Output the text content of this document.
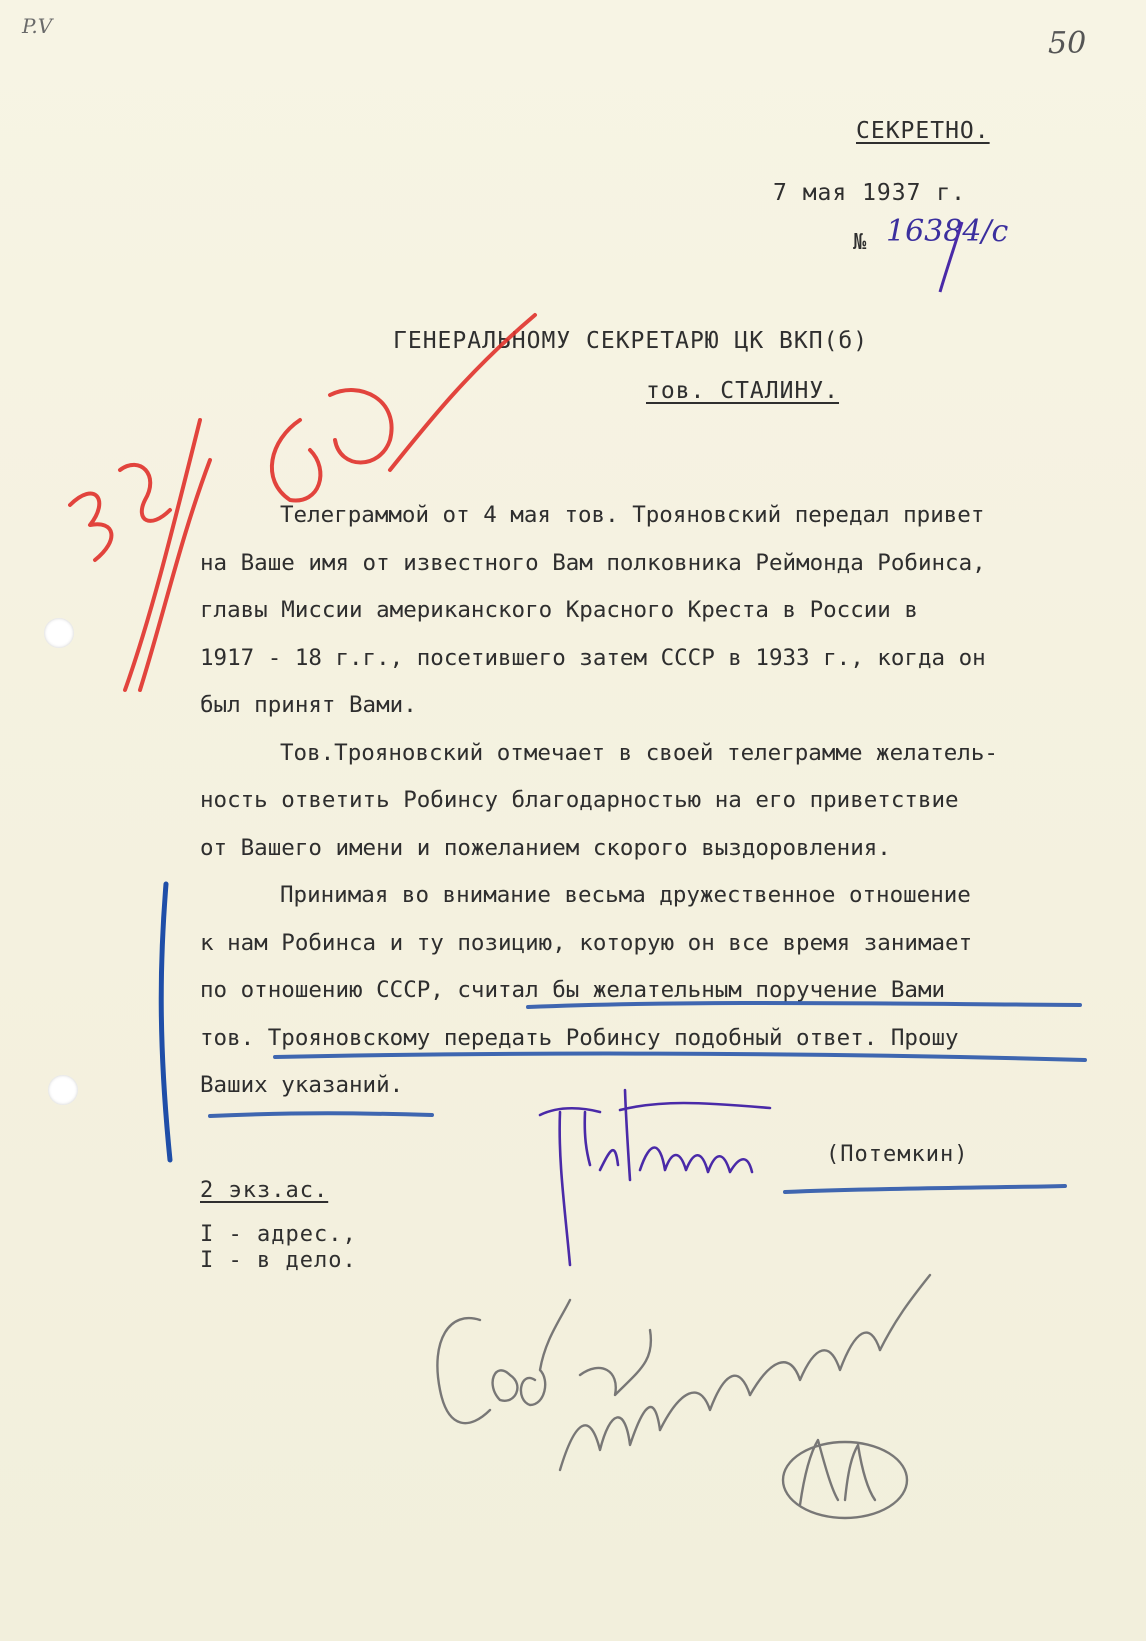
P.V	50
СЕКРЕТНО.
7 мая 1937 г.
№ 16384/с
ГЕНЕРАЛЬНОМУ СЕКРЕТАРЮ ЦК ВКП(б)
тов. СТАЛИНУ.
Телеграммой от 4 мая тов. Трояновский передал привет
на Ваше имя от известного Вам полковника Реймонда Робинса,
главы Миссии американского Красного Креста в России в
1917 - 18 г.г., посетившего затем СССР в 1933 г., когда он
был принят Вами.
Тов.Трояновский отмечает в своей телеграмме желатель-
ность ответить Робинсу благодарностью на его приветствие
от Вашего имени и пожеланием скорого выздоровления.
Принимая во внимание весьма дружественное отношение
к нам Робинса и ту позицию, которую он все время занимает
по отношению СССР, считал бы желательным поручение Вами
тов. Трояновскому передать Робинсу подобный ответ. Прошу
Ваших указаний.
(Потемкин)
2 экз.ас.
I - адрес.,
I - в дело.
